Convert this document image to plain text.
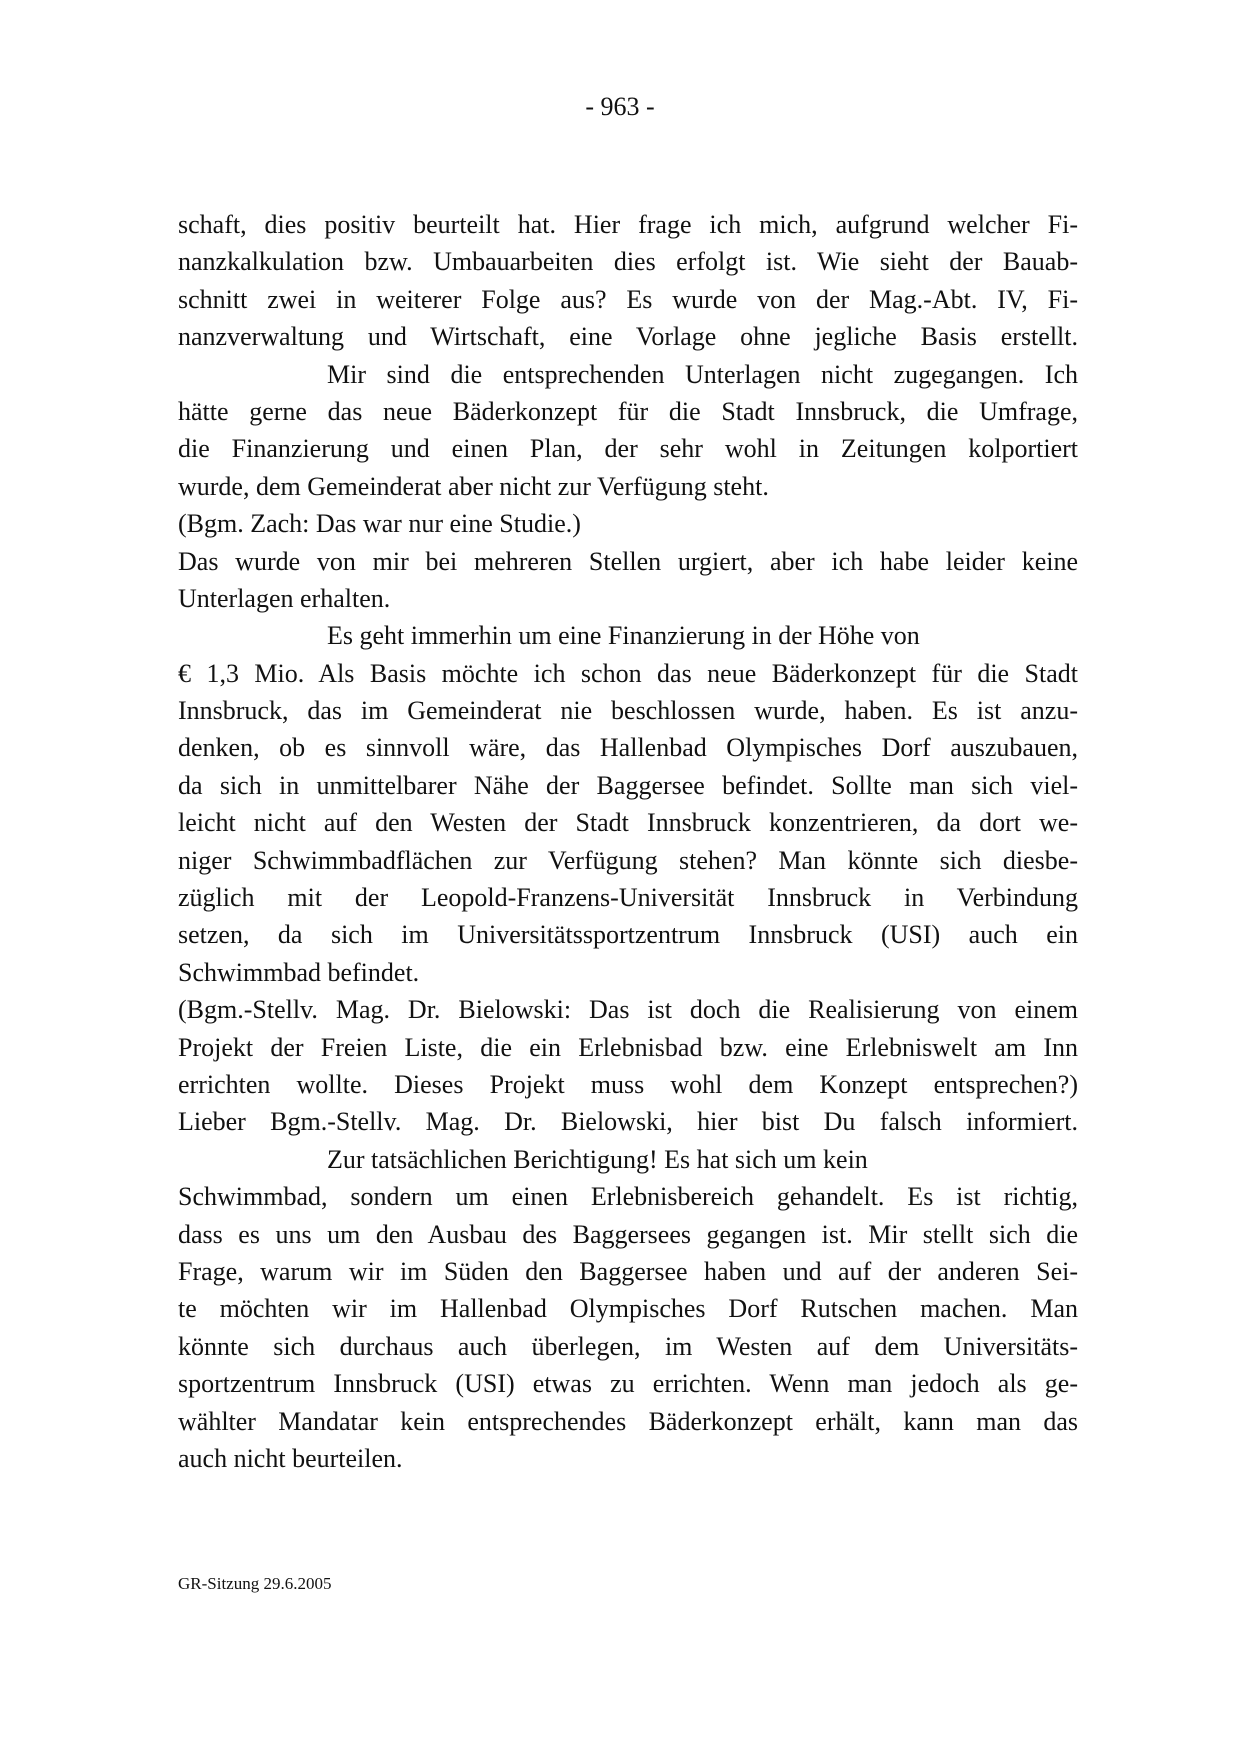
- 963 -
schaft, dies positiv beurteilt hat. Hier frage ich mich, aufgrund welcher Fi-
nanzkalkulation bzw. Umbauarbeiten dies erfolgt ist. Wie sieht der Bauab-
schnitt zwei in weiterer Folge aus? Es wurde von der Mag.-Abt. IV, Fi-
nanzverwaltung und Wirtschaft, eine Vorlage ohne jegliche Basis erstellt.
Mir sind die entsprechenden Unterlagen nicht zugegangen. Ich
hätte gerne das neue Bäderkonzept für die Stadt Innsbruck, die Umfrage,
die Finanzierung und einen Plan, der sehr wohl in Zeitungen kolportiert
wurde, dem Gemeinderat aber nicht zur Verfügung steht.
(Bgm. Zach: Das war nur eine Studie.)
Das wurde von mir bei mehreren Stellen urgiert, aber ich habe leider keine
Unterlagen erhalten.
Es geht immerhin um eine Finanzierung in der Höhe von
€ 1,3 Mio. Als Basis möchte ich schon das neue Bäderkonzept für die Stadt
Innsbruck, das im Gemeinderat nie beschlossen wurde, haben. Es ist anzu-
denken, ob es sinnvoll wäre, das Hallenbad Olympisches Dorf auszubauen,
da sich in unmittelbarer Nähe der Baggersee befindet. Sollte man sich viel-
leicht nicht auf den Westen der Stadt Innsbruck konzentrieren, da dort we-
niger Schwimmbadflächen zur Verfügung stehen? Man könnte sich diesbe-
züglich mit der Leopold-Franzens-Universität Innsbruck in Verbindung
setzen, da sich im Universitätssportzentrum Innsbruck (USI) auch ein
Schwimmbad befindet.
(Bgm.-Stellv. Mag. Dr. Bielowski: Das ist doch die Realisierung von einem
Projekt der Freien Liste, die ein Erlebnisbad bzw. eine Erlebniswelt am Inn
errichten wollte. Dieses Projekt muss wohl dem Konzept entsprechen?)
Lieber Bgm.-Stellv. Mag. Dr. Bielowski, hier bist Du falsch informiert.
Zur tatsächlichen Berichtigung! Es hat sich um kein
Schwimmbad, sondern um einen Erlebnisbereich gehandelt. Es ist richtig,
dass es uns um den Ausbau des Baggersees gegangen ist. Mir stellt sich die
Frage, warum wir im Süden den Baggersee haben und auf der anderen Sei-
te möchten wir im Hallenbad Olympisches Dorf Rutschen machen. Man
könnte sich durchaus auch überlegen, im Westen auf dem Universitäts-
sportzentrum Innsbruck (USI) etwas zu errichten. Wenn man jedoch als ge-
wählter Mandatar kein entsprechendes Bäderkonzept erhält, kann man das
auch nicht beurteilen.
GR-Sitzung 29.6.2005
